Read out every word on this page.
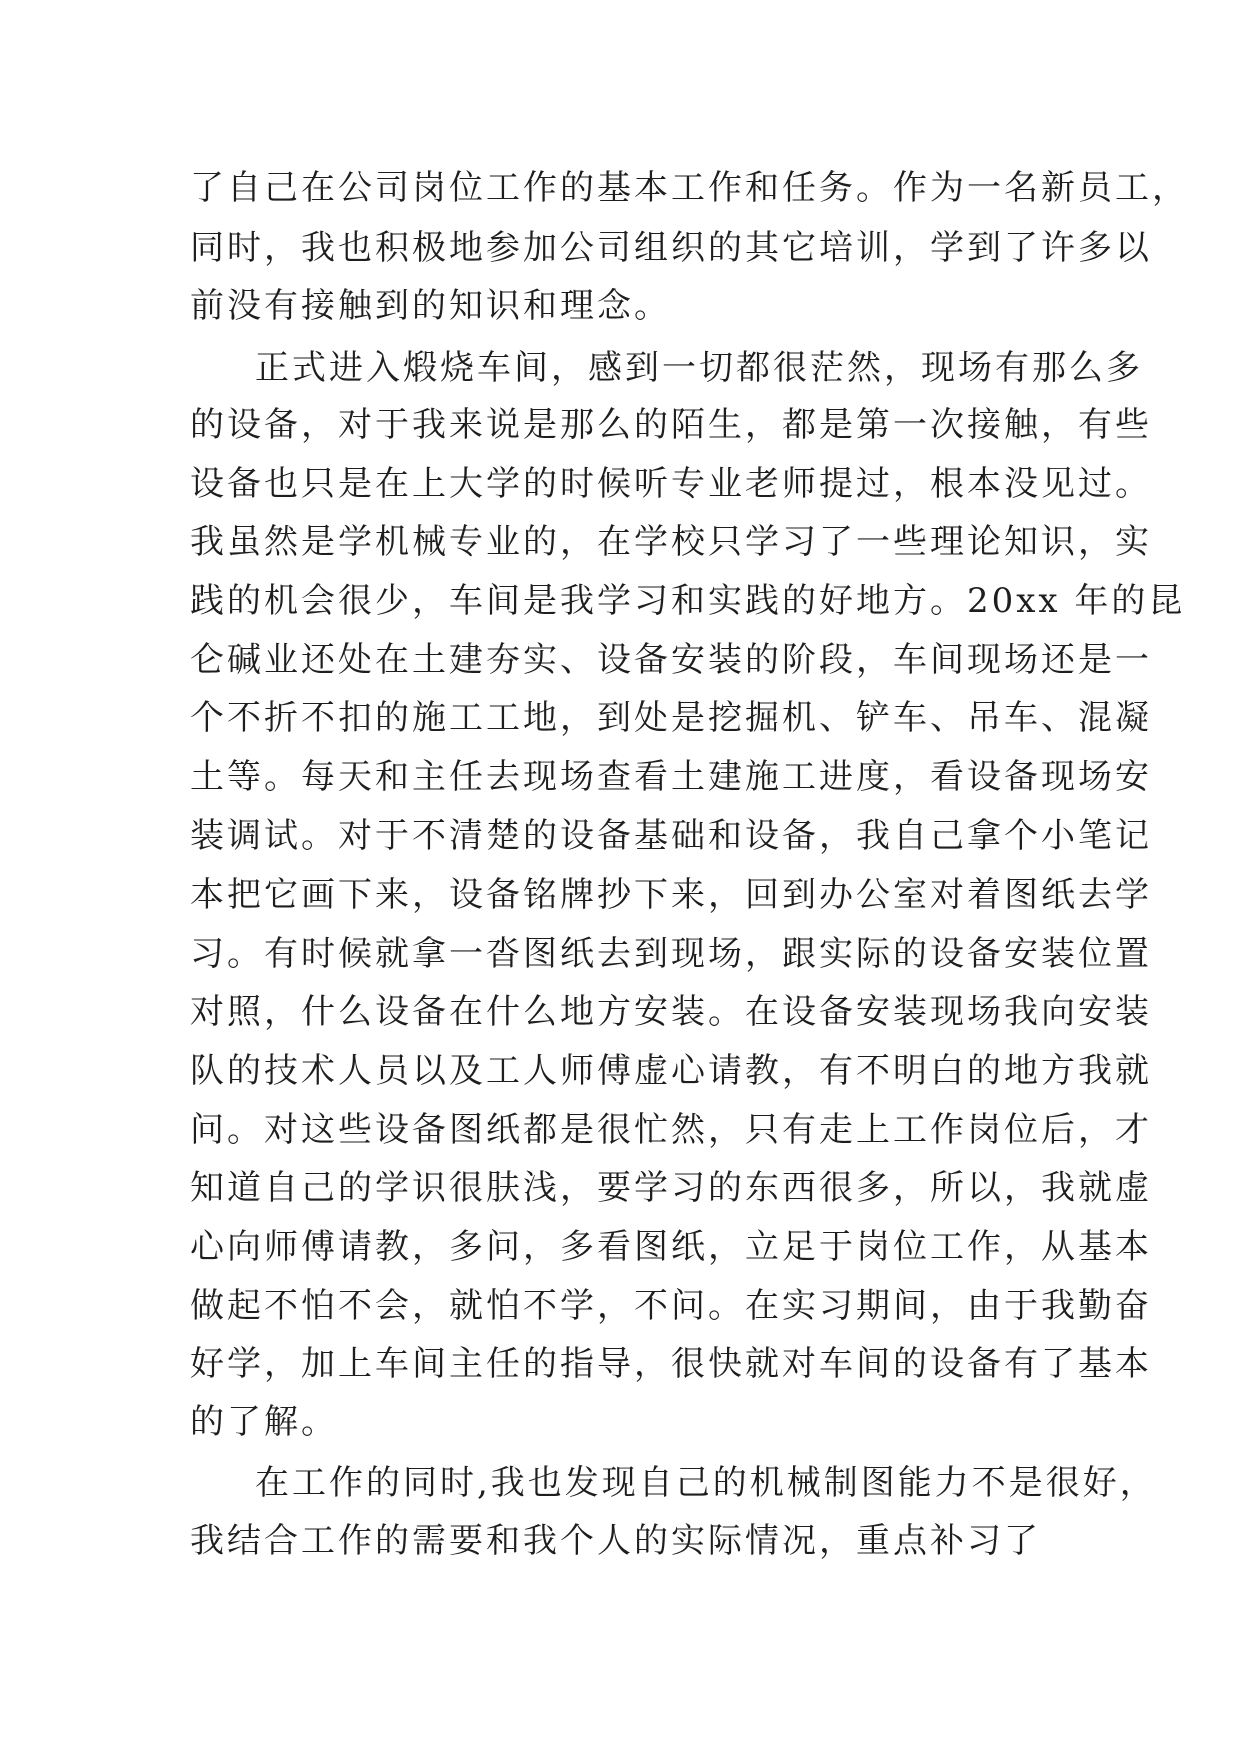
了自己在公司岗位工作的基本工作和任务。作为一名新员工，
同时，我也积极地参加公司组织的其它培训，学到了许多以
前没有接触到的知识和理念。
正式进入煅烧车间，感到一切都很茫然，现场有那么多
的设备，对于我来说是那么的陌生，都是第一次接触，有些
设备也只是在上大学的时候听专业老师提过，根本没见过。
我虽然是学机械专业的，在学校只学习了一些理论知识，实
践的机会很少，车间是我学习和实践的好地方。20xx 年的昆
仑碱业还处在土建夯实、设备安装的阶段，车间现场还是一
个不折不扣的施工工地，到处是挖掘机、铲车、吊车、混凝
土等。每天和主任去现场查看土建施工进度，看设备现场安
装调试。对于不清楚的设备基础和设备，我自己拿个小笔记
本把它画下来，设备铭牌抄下来，回到办公室对着图纸去学
习。有时候就拿一沓图纸去到现场，跟实际的设备安装位置
对照，什么设备在什么地方安装。在设备安装现场我向安装
队的技术人员以及工人师傅虚心请教，有不明白的地方我就
问。对这些设备图纸都是很忙然，只有走上工作岗位后，才
知道自己的学识很肤浅，要学习的东西很多，所以，我就虚
心向师傅请教，多问，多看图纸，立足于岗位工作，从基本
做起不怕不会，就怕不学，不问。在实习期间，由于我勤奋
好学，加上车间主任的指导，很快就对车间的设备有了基本
的了解。
在工作的同时,我也发现自己的机械制图能力不是很好，
我结合工作的需要和我个人的实际情况，重点补习了
